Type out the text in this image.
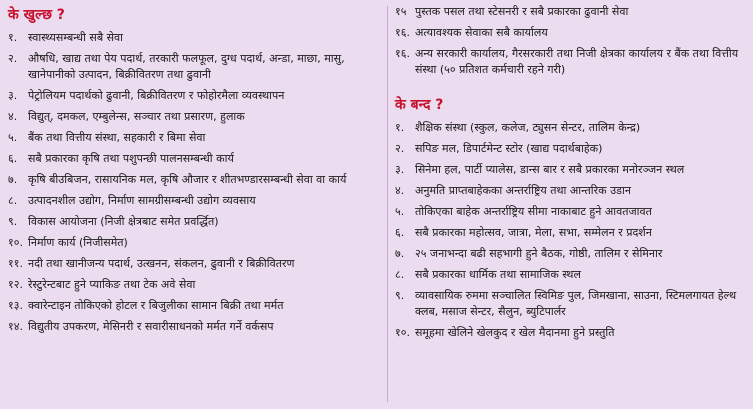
के खुल्छ ?
१. स्वास्थ्यसम्बन्धी सबै सेवा
२. औषधि, खाद्य तथा पेय पदार्थ, तरकारी फलफूल, दुग्ध पदार्थ, अन्डा, माछा, मासु, खानेपानीको उत्पादन, बिक्रीवितरण तथा ढुवानी
३. पेट्रोलियम पदार्थको ढुवानी, बिक्रीवितरण र फोहोरमैला व्यवस्थापन
४. विद्युत्, दमकल, एम्बुलेन्स, सञ्चार तथा प्रसारण, हुलाक
५. बैंक तथा वित्तीय संस्था, सहकारी र बिमा सेवा
६. सबै प्रकारका कृषि तथा पशुपन्छी पालनसम्बन्धी कार्य
७. कृषि बीउबिजन, रासायनिक मल, कृषि औजार र शीतभण्डारसम्बन्धी सेवा वा कार्य
८. उत्पादनशील उद्योग, निर्माण सामग्रीसम्बन्धी उद्योग व्यवसाय
९. विकास आयोजना (निजी क्षेत्रबाट समेत प्रवर्द्धित)
१०. निर्माण कार्य (निजीसमेत)
११. नदी तथा खानीजन्य पदार्थ, उत्खनन, संकलन, ढुवानी र बिक्रीवितरण
१२. रेस्टुरेन्टबाट हुने प्याकिङ तथा टेक अवे सेवा
१३. क्वारेन्टाइन तोकिएको होटल र बिजुलीका सामान बिक्री तथा मर्मत
१४. विद्युतीय उपकरण, मेसिनरी र सवारीसाधनको मर्मत गर्ने वर्कसप
१५ पुस्तक पसल तथा स्टेसनरी र सबै प्रकारका ढुवानी सेवा
१६. अत्यावश्यक सेवाका सबै कार्यालय
१६. अन्य सरकारी कार्यालय, गैरसरकारी तथा निजी क्षेत्रका कार्यालय र बैंक तथा वित्तीय संस्था (५० प्रतिशत कर्मचारी रहने गरी)
के बन्द ?
१. शैक्षिक संस्था (स्कुल, कलेज, ट्युसन सेन्टर, तालिम केन्द्र)
२. सपिङ मल, डिपार्टमेन्ट स्टोर (खाद्य पदार्थबाहेक)
३. सिनेमा हल, पार्टी प्यालेस, डान्स बार र सबै प्रकारका मनोरञ्जन स्थल
४. अनुमति प्राप्तबाहेकका अन्तर्राष्ट्रिय तथा आन्तरिक उडान
५. तोकिएका बाहेक अन्तर्राष्ट्रिय सीमा नाकाबाट हुने आवतजावत
६. सबै प्रकारका महोत्सव, जात्रा, मेला, सभा, सम्मेलन र प्रदर्शन
७. २५ जनाभन्दा बढी सहभागी हुने बैठक, गोष्ठी, तालिम र सेमिनार
८. सबै प्रकारका धार्मिक तथा सामाजिक स्थल
९. व्यावसायिक रुममा सञ्चालित स्विमिङ पुल, जिमखाना, साउना, स्टिमलगायत हेल्थ क्लब, मसाज सेन्टर, सैलुन, ब्युटिपार्लर
१०. समूहमा खेलिने खेलकुद र खेल मैदानमा हुने प्रस्तुति
